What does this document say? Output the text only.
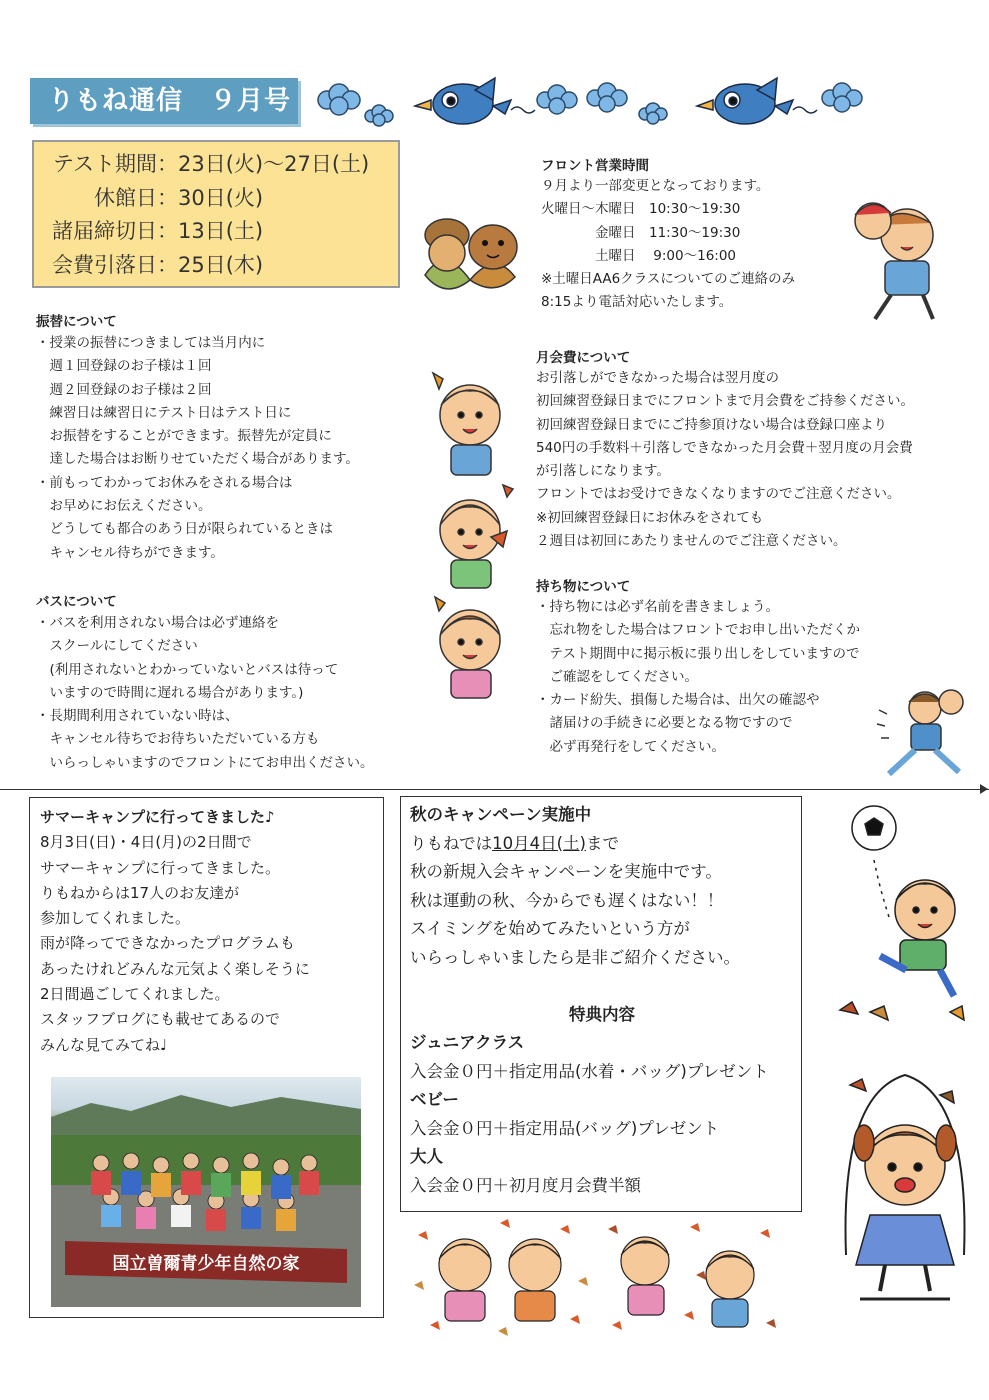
りもね通信　９月号
テスト期間：23日(火)〜27日(土)
休館日：30日(火)
諸届締切日：13日(土)
会費引落日：25日(木)
振替について
・授業の振替につきましては当月内に
　週１回登録のお子様は１回
　週２回登録のお子様は２回
　練習日は練習日にテスト日はテスト日に
　お振替をすることができます。振替先が定員に
　達した場合はお断りせていただく場合があります。
・前もってわかってお休みをされる場合は
　お早めにお伝えください。
　どうしても都合のあう日が限られているときは
　キャンセル待ちができます。
バスについて
・バスを利用されない場合は必ず連絡を
　スクールにしてください
　(利用されないとわかっていないとバスは待って
　いますので時間に遅れる場合があります。)
・長期間利用されていない時は、
　キャンセル待ちでお待ちいただいている方も
　いらっしゃいますのでフロントにてお申出ください。
フロント営業時間
９月より一部変更となっております。
火曜日〜木曜日　10:30〜19:30
　　　　金曜日　11:30〜19:30
　　　　土曜日　 9:00〜16:00
※土曜日AA6クラスについてのご連絡のみ
8:15より電話対応いたします。
月会費について
お引落しができなかった場合は翌月度の
初回練習登録日までにフロントまで月会費をご持参ください。
初回練習登録日までにご持参頂けない場合は登録口座より
540円の手数料＋引落しできなかった月会費＋翌月度の月会費
が引落しになります。
フロントではお受けできなくなりますのでご注意ください。
※初回練習登録日にお休みをされても
２週目は初回にあたりませんのでご注意ください。
持ち物について
・持ち物には必ず名前を書きましょう。
　忘れ物をした場合はフロントでお申し出いただくか
　テスト期間中に掲示板に張り出しをしていますので
　ご確認をしてください。
・カード紛失、損傷した場合は、出欠の確認や
　諸届けの手続きに必要となる物ですので
　必ず再発行をしてください。
サマーキャンプに行ってきました♪
8月3日(日)・4日(月)の2日間で
サマーキャンプに行ってきました。
りもねからは17人のお友達が
参加してくれました。
雨が降ってできなかったプログラムも
あったけれどみんな元気よく楽しそうに
2日間過ごしてくれました。
スタッフブログにも載せてあるので
みんな見てみてね♩
国立曽爾青少年自然の家
秋のキャンペーン実施中
りもねでは10月4日(土)まで
秋の新規入会キャンペーンを実施中です。
秋は運動の秋、今からでも遅くはない！！
スイミングを始めてみたいという方が
いらっしゃいましたら是非ご紹介ください。
特典内容
ジュニアクラス
入会金０円＋指定用品(水着・バッグ)プレゼント
ベビー
入会金０円＋指定用品(バッグ)プレゼント
大人
入会金０円＋初月度月会費半額
